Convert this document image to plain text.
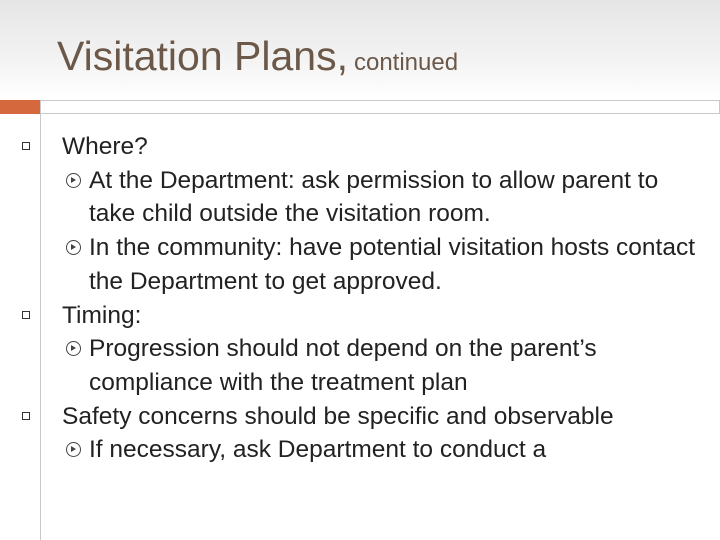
Visitation Plans, continued
Where?
At the Department: ask permission to allow parent to take child outside the visitation room.
In the community: have potential visitation hosts contact the Department to get approved.
Timing:
Progression should not depend on the parent’s compliance with the treatment plan
Safety concerns should be specific and observable
If necessary, ask Department to conduct a
